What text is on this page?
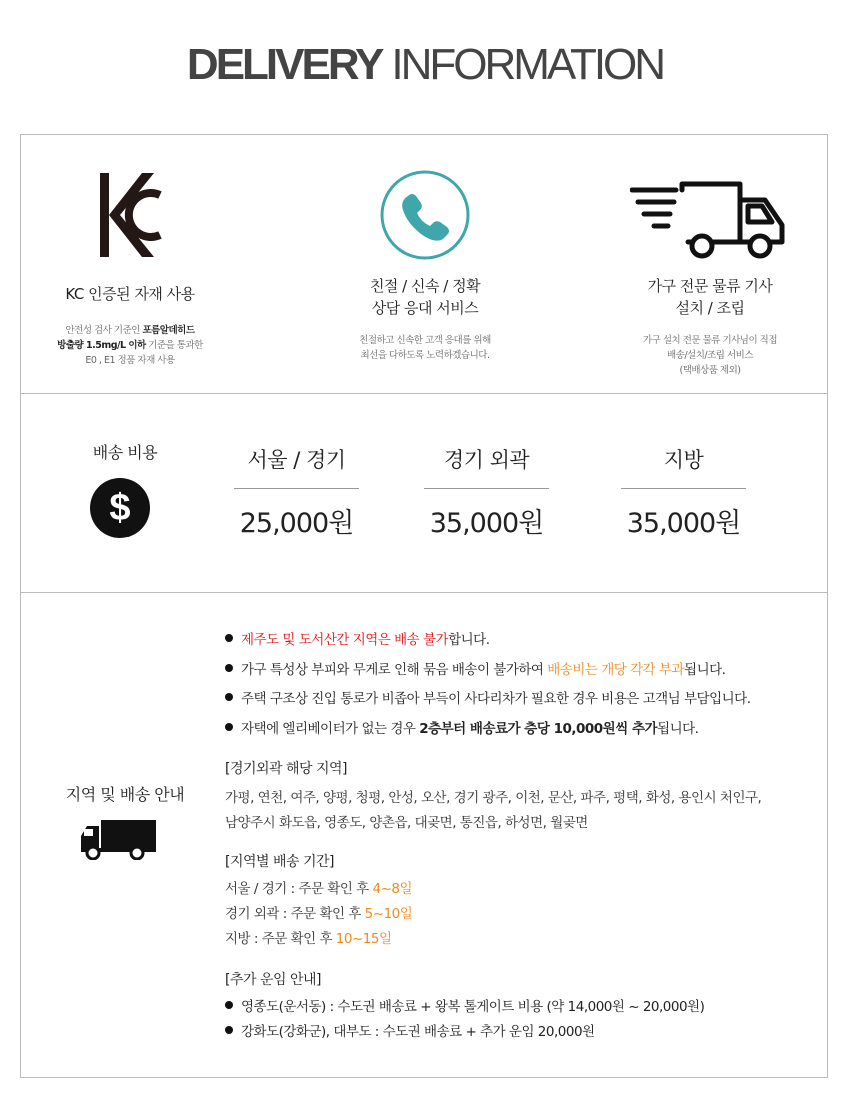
DELIVERY INFORMATION
KC 인증된 자재 사용
안전성 검사 기준인 포름알데히드
방출량 1.5mg/L 이하 기준을 통과한
E0 , E1 정품 자재 사용
친절 / 신속 / 정확
상담 응대 서비스
친절하고 신속한 고객 응대를 위해
최선을 다하도록 노력하겠습니다.
가구 전문 물류 기사
설치 / 조립
가구 설치 전문 물류 기사님이 직접
배송/설치/조립 서비스
(택배상품 제외)
배송 비용
$
서울 / 경기
25,000원
경기 외곽
35,000원
지방
35,000원
지역 및 배송 안내
제주도 및 도서산간 지역은 배송 불가합니다.
가구 특성상 부피와 무게로 인해 묶음 배송이 불가하여 배송비는 개당 각각 부과됩니다.
주택 구조상 진입 통로가 비좁아 부득이 사다리차가 필요한 경우 비용은 고객님 부담입니다.
자택에 엘리베이터가 없는 경우 2층부터 배송료가 층당 10,000원씩 추가됩니다.
[경기외곽 해당 지역]
가평, 연천, 여주, 양평, 청평, 안성, 오산, 경기 광주, 이천, 문산, 파주, 평택, 화성, 용인시 처인구,
남양주시 화도읍, 영종도, 양촌읍, 대곶면, 통진읍, 하성면, 월곶면
[지역별 배송 기간]
서울 / 경기 : 주문 확인 후 4~8일
경기 외곽 : 주문 확인 후 5~10일
지방 : 주문 확인 후 10~15일
[추가 운임 안내]
영종도(운서동) : 수도권 배송료 + 왕복 톨게이트 비용 (약 14,000원 ~ 20,000원)
강화도(강화군), 대부도 : 수도권 배송료 + 추가 운임 20,000원
